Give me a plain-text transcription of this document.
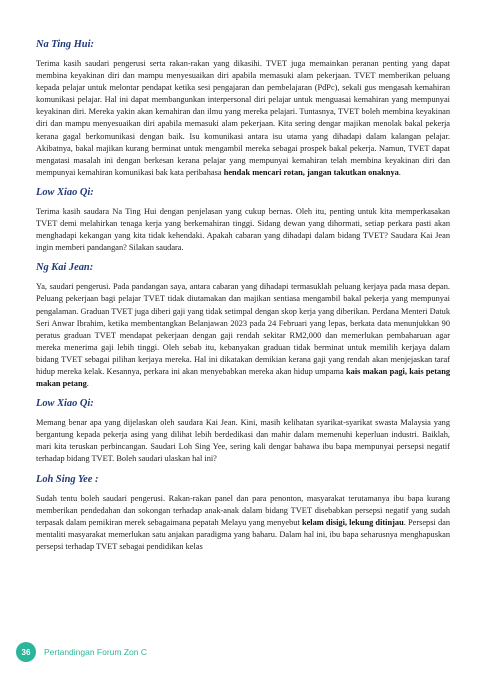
Na Ting Hui:

Terima kasih saudari pengerusi serta rakan-rakan yang dikasihi. TVET juga memainkan peranan penting yang dapat membina keyakinan diri dan mampu menyesuaikan diri apabila memasuki alam pekerjaan. TVET memberikan peluang kepada pelajar untuk melontar pendapat ketika sesi pengajaran dan pembelajaran (PdPc), sekali gus mengasah kemahiran komunikasi pelajar. Hal ini dapat membangunkan interpersonal diri pelajar untuk menguasai kemahiran yang mempunyai keyakinan diri. Mereka yakin akan kemahiran dan ilmu yang mereka pelajari. Tuntasnya, TVET boleh membina keyakinan diri dan mampu menyesuaikan diri apabila memasuki alam pekerjaan. Kita sering dengar majikan menolak bakal pekerja kerana gagal berkomunikasi dengan baik. Isu komunikasi antara isu utama yang dihadapi dalam kalangan pelajar. Akibatnya, bakal majikan kurang berminat untuk mengambil mereka sebagai prospek bakal pekerja. Namun, TVET dapat mengatasi masalah ini dengan berkesan kerana pelajar yang mempunyai kemahiran telah membina keyakinan diri dan mempunyai kemahiran komunikasi bak kata peribahasa hendak mencari rotan, jangan takutkan onaknya.

Low Xiao Qi:

Terima kasih saudara Na Ting Hui dengan penjelasan yang cukup bernas. Oleh itu, penting untuk kita memperkasakan TVET demi melahirkan tenaga kerja yang berkemahiran tinggi. Sidang dewan yang dihormati, setiap perkara pasti akan menghadapi kekangan yang kita tidak kehendaki. Apakah cabaran yang dihadapi dalam bidang TVET? Saudara Kai Jean ingin memberi pandangan? Silakan saudara.

Ng Kai Jean:

Ya, saudari pengerusi. Pada pandangan saya, antara cabaran yang dihadapi termasuklah peluang kerjaya pada masa depan. Peluang pekerjaan bagi pelajar TVET tidak diutamakan dan majikan sentiasa mengambil bakal pekerja yang mempunyai pengalaman. Graduan TVET juga diberi gaji yang tidak setimpal dengan skop kerja yang diberikan. Perdana Menteri Datuk Seri Anwar Ibrahim, ketika membentangkan Belanjawan 2023 pada 24 Februari yang lepas, berkata data menunjukkan 90 peratus graduan TVET mendapat pekerjaan dengan gaji rendah sekitar RM2,000 dan memerlukan pembaharuan agar mereka menerima gaji lebih tinggi. Oleh sebab itu, kebanyakan graduan tidak berminat untuk memilih kerjaya dalam bidang TVET sebagai pilihan kerjaya mereka. Hal ini dikatakan demikian kerana gaji yang rendah akan menjejaskan taraf hidup mereka kelak. Kesannya, perkara ini akan menyebabkan mereka akan hidup umpama kais makan pagi, kais petang makan petang.

Low Xiao Qi:

Memang benar apa yang dijelaskan oleh saudara Kai Jean. Kini, masih kelihatan syarikat-syarikat swasta Malaysia yang bergantung kepada pekerja asing yang dilihat lebih berdedikasi dan mahir dalam memenuhi keperluan industri. Baiklah, mari kita teruskan perbincangan. Saudari Loh Sing Yee, sering kali dengar bahawa ibu bapa mempunyai persepsi negatif terhadap bidang TVET. Boleh saudari ulaskan hal ini?

Loh Sing Yee :

Sudah tentu boleh saudari pengerusi. Rakan-rakan panel dan para penonton, masyarakat terutamanya ibu bapa kurang memberikan pendedahan dan sokongan terhadap anak-anak dalam bidang TVET disebabkan persepsi negatif yang sudah terpasak dalam pemikiran merek sebagaimana pepatah Melayu yang menyebut kelam disigi, lekung ditinjau. Persepsi dan mentaliti masyarakat memerlukan satu anjakan paradigma yang baharu. Dalam hal ini, ibu bapa seharusnya menghapuskan persepsi terhadap TVET sebagai pendidikan kelas

36	Pertandingan Forum Zon C
